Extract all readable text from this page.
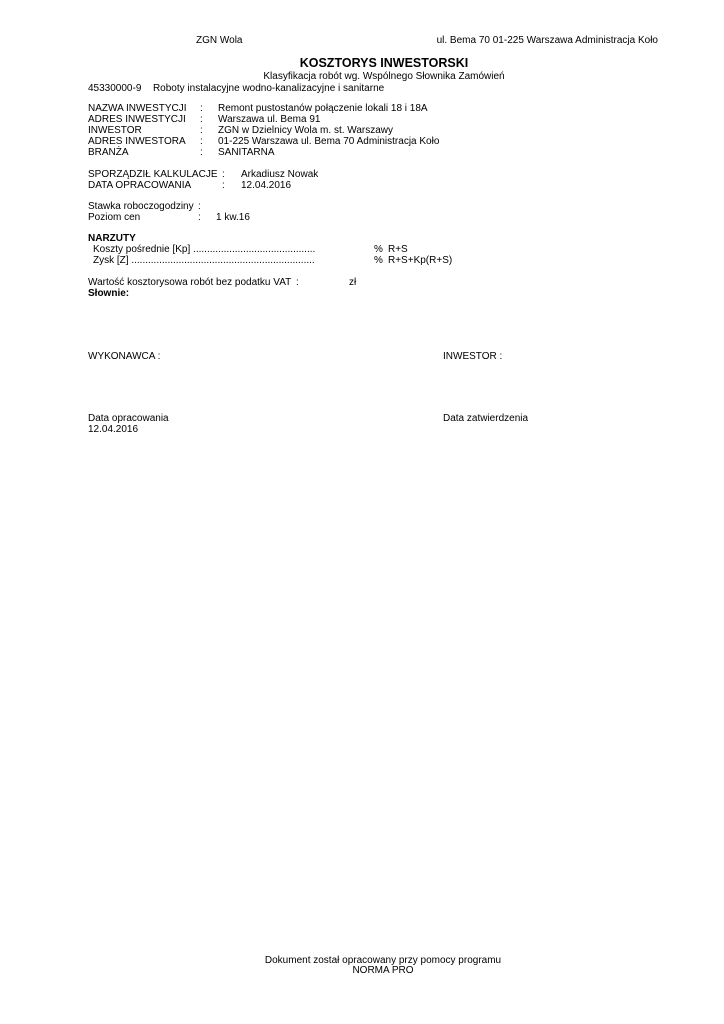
ZGN Wola	ul. Bema 70 01-225 Warszawa Administracja Koło
KOSZTORYS INWESTORSKI
Klasyfikacja robót wg. Wspólnego Słownika Zamówień
45330000-9 Roboty instalacyjne wodno-kanalizacyjne i sanitarne
NAZWA INWESTYCJI : Remont pustostanów połączenie lokali 18 i 18A
ADRES INWESTYCJI : Warszawa ul. Bema 91
INWESTOR	: ZGN w Dzielnicy Wola m. st. Warszawy
ADRES INWESTORA : 01-225 Warszawa ul. Bema 70 Administracja Koło
BRANŻA	: SANITARNA
SPORZĄDZIŁ KALKULACJE : Arkadiusz Nowak
DATA OPRACOWANIA	: 12.04.2016
Stawka roboczogodziny :
Poziom cen	: 1 kw.16
NARZUTY
Koszty pośrednie [Kp] ............................................	% R+S
Zysk [Z] ..................................................................	% R+S+Kp(R+S)
Wartość kosztorysowa robót bez podatku VAT :	zł
Słownie:
WYKONAWCA :	INWESTOR :
Data opracowania
12.04.2016
Data zatwierdzenia
Dokument został opracowany przy pomocy programu
NORMA PRO
